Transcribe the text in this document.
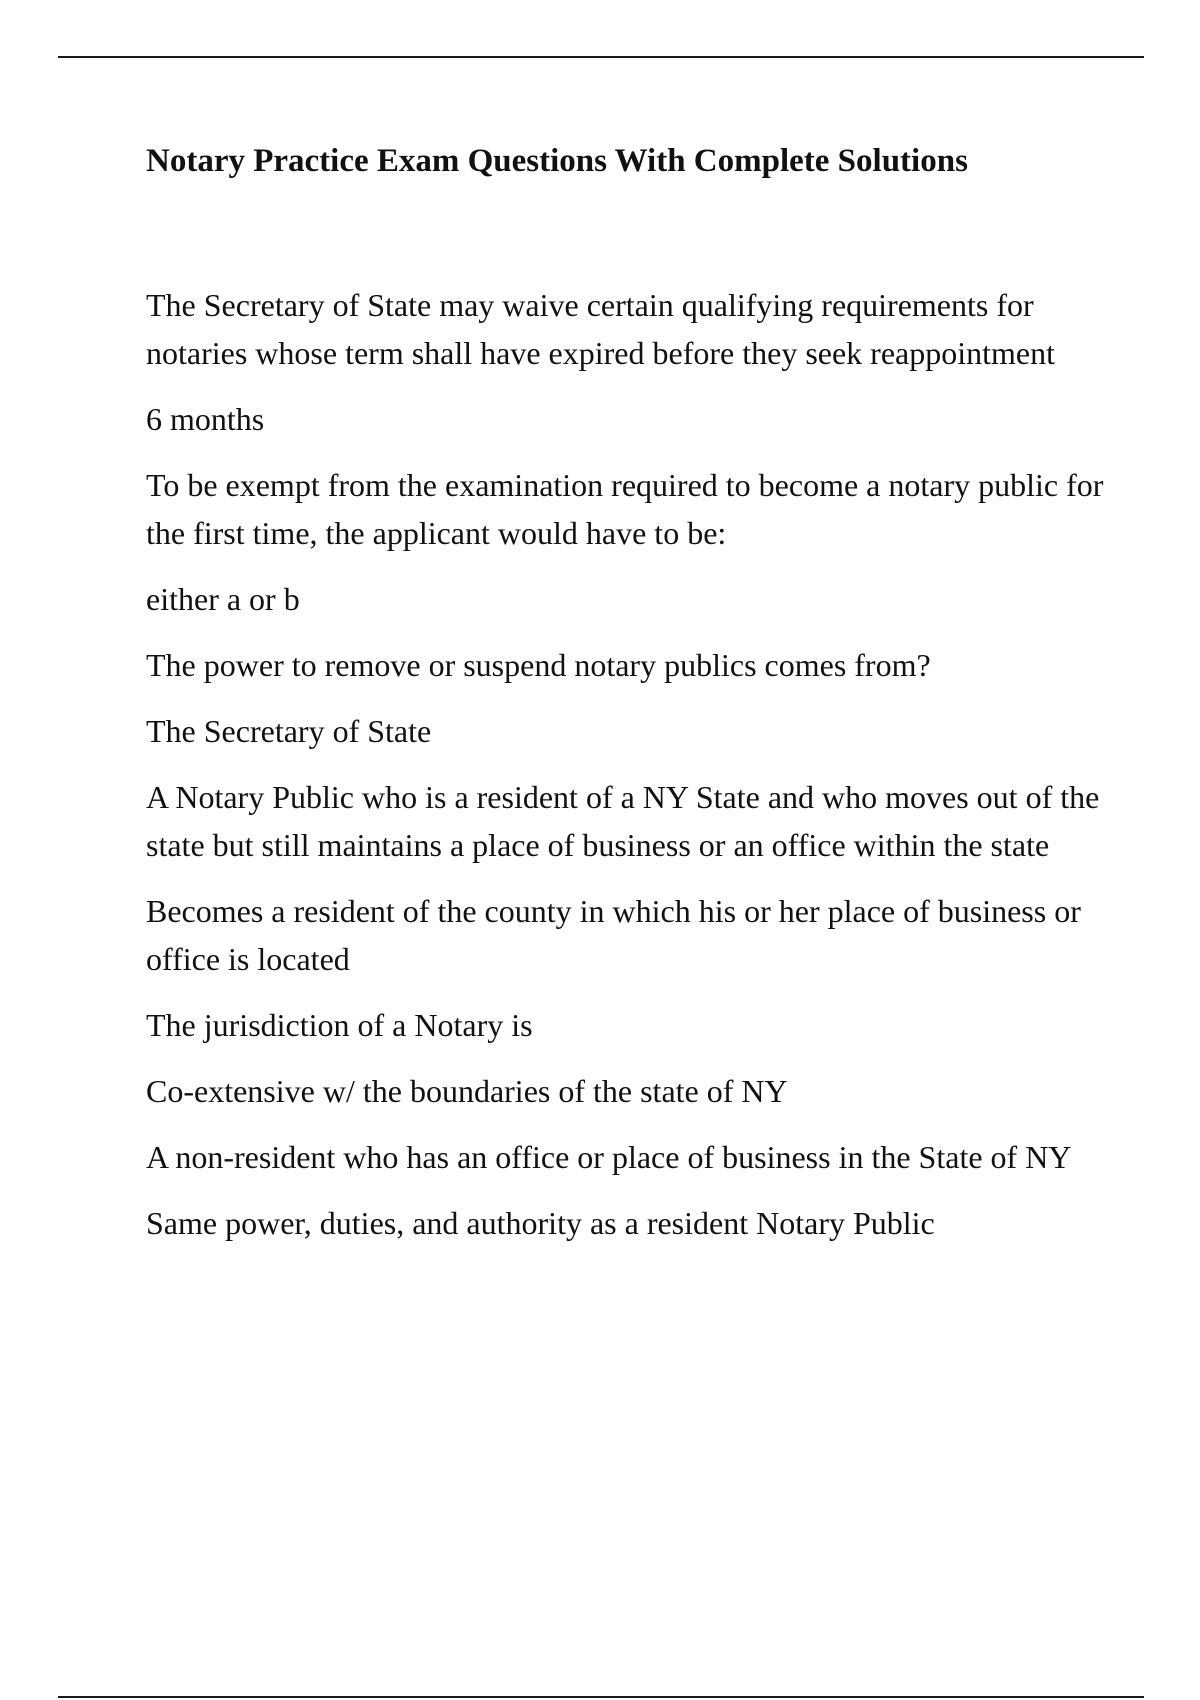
Notary Practice Exam Questions With Complete Solutions

The Secretary of State may waive certain qualifying requirements for notaries whose term shall have expired before they seek reappointment

6 months

To be exempt from the examination required to become a notary public for the first time, the applicant would have to be:

either a or b

The power to remove or suspend notary publics comes from?

The Secretary of State

A Notary Public who is a resident of a NY State and who moves out of the state but still maintains a place of business or an office within the state

Becomes a resident of the county in which his or her place of business or office is located

The jurisdiction of a Notary is

Co-extensive w/ the boundaries of the state of NY

A non-resident who has an office or place of business in the State of NY

Same power, duties, and authority as a resident Notary Public
